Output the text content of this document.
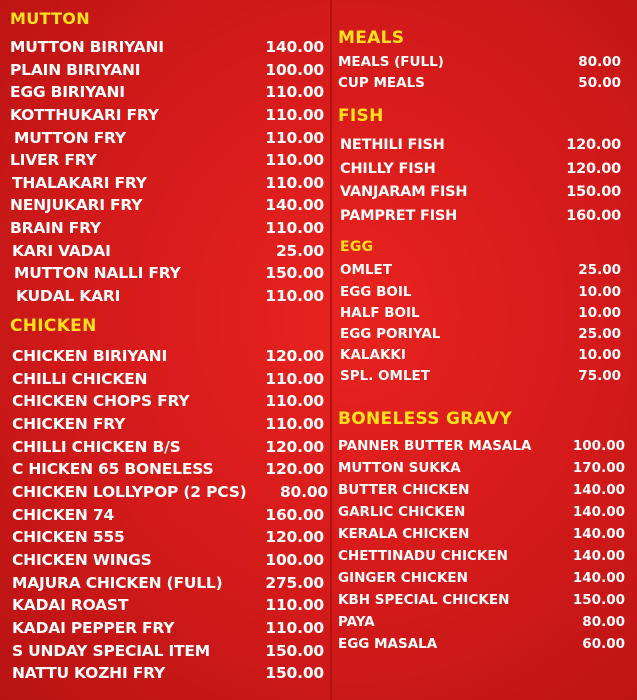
MUTTON
MUTTON BIRIYANI	140.00
PLAIN BIRIYANI	100.00
EGG BIRIYANI	110.00
KOTTHUKARI FRY	110.00
MUTTON FRY	110.00
LIVER FRY	110.00
THALAKARI FRY	110.00
NENJUKARI FRY	140.00
BRAIN FRY	110.00
KARI VADAI	25.00
MUTTON NALLI FRY	150.00
KUDAL KARI	110.00
CHICKEN
CHICKEN BIRIYANI	120.00
CHILLI CHICKEN	110.00
CHICKEN CHOPS FRY	110.00
CHICKEN FRY	110.00
CHILLI CHICKEN B/S	120.00
C HICKEN 65 BONELESS	120.00
CHICKEN LOLLYPOP (2 PCS) 80.00
CHICKEN 74	160.00
CHICKEN 555	120.00
CHICKEN WINGS	100.00
MAJURA CHICKEN (FULL)	275.00
KADAI ROAST	110.00
KADAI PEPPER FRY	110.00
S UNDAY SPECIAL ITEM	150.00
NATTU KOZHI FRY	150.00
MEALS
MEALS (FULL)	80.00
CUP MEALS	50.00
FISH
NETHILI FISH	120.00
CHILLY FISH	120.00
VANJARAM FISH	150.00
PAMPRET FISH	160.00
EGG
OMLET	25.00
EGG BOIL	10.00
HALF BOIL	10.00
EGG PORIYAL	25.00
KALAKKI	10.00
SPL. OMLET	75.00
BONELESS GRAVY
PANNER BUTTER MASALA	100.00
MUTTON SUKKA	170.00
BUTTER CHICKEN	140.00
GARLIC CHICKEN	140.00
KERALA CHICKEN	140.00
CHETTINADU CHICKEN	140.00
GINGER CHICKEN	140.00
KBH SPECIAL CHICKEN	150.00
PAYA	80.00
EGG MASALA	60.00
